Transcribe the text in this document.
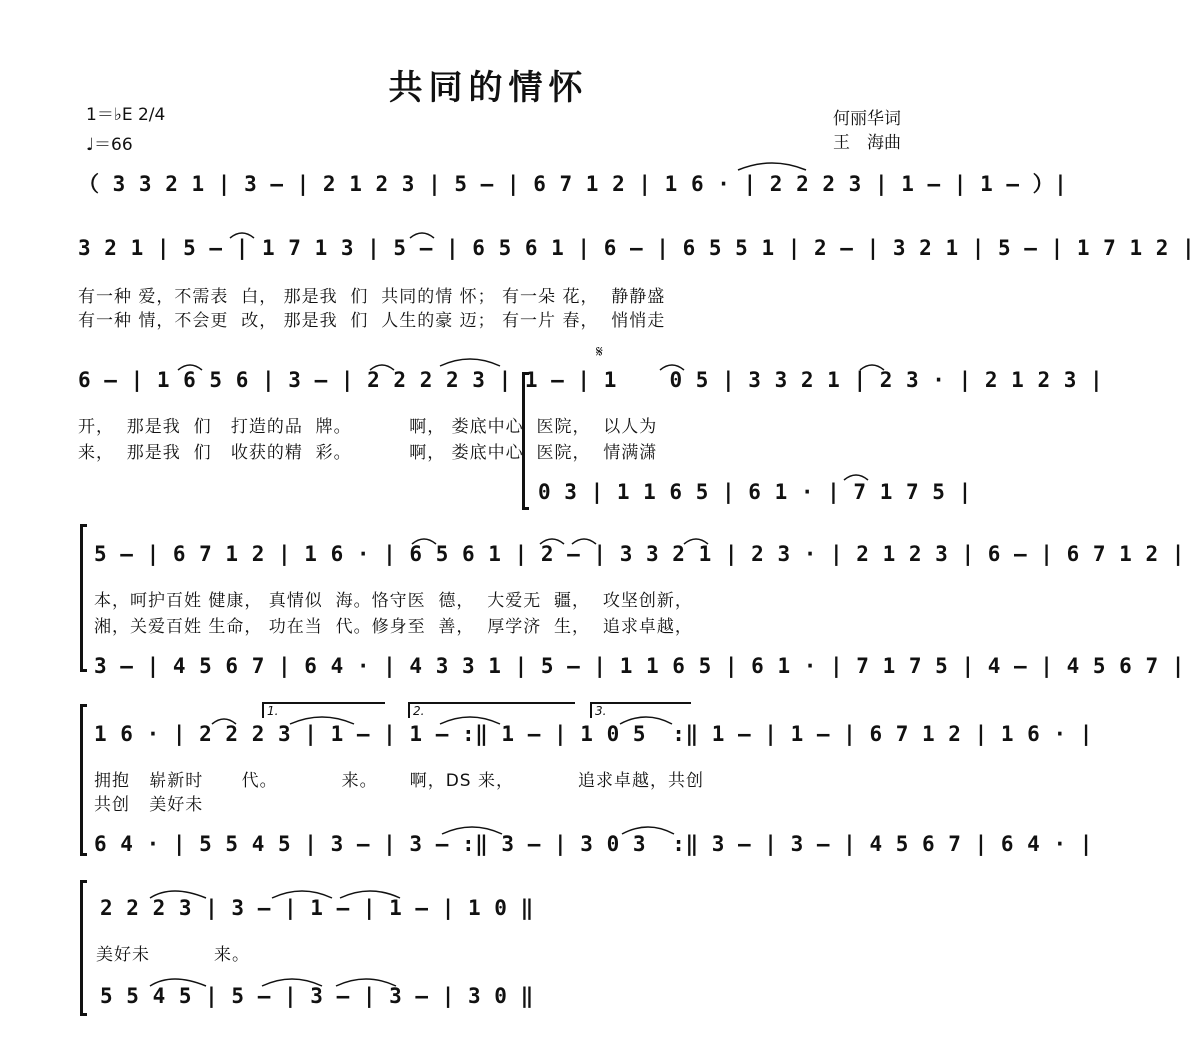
共同的情怀
1＝♭E 2/4
♩＝66
何丽华词
王　海曲
（ 3 3 2 1 | 3 — | 2 1 2 3 | 5 — | 6 7 1 2 | 1 6 · | 2 2 2 3 | 1 — | 1 — ）|
3 2 1 | 5 — | 1 7 1 3 | 5 — | 6 5 6 1 | 6 — | 6 5 5 1 | 2 — | 3 2 1 | 5 — | 1 7 1 2 |
有一种 爱，不需表  白， 那是我  们  共同的情 怀； 有一朵 花，  静静盛
有一种 情，不会更  改， 那是我  们  人生的豪 迈； 有一片 春，  悄悄走
𝄋
6 — | 1 6 5 6 | 3 — | 2 2 2 2 3 | 1 — | 1    0 5 | 3 3 2 1 | 2 3 · | 2 1 2 3 |
开，  那是我  们   打造的品  牌。         啊， 娄底中心  医院，  以人为
来，  那是我  们   收获的精  彩。         啊， 娄底中心  医院，  情满潇
0 3 | 1 1 6 5 | 6 1 · | 7 1 7 5 |
5 — | 6 7 1 2 | 1 6 · | 6 5 6 1 | 2 — | 3 3 2 1 | 2 3 · | 2 1 2 3 | 6 — | 6 7 1 2 |
本，呵护百姓 健康， 真情似  海。恪守医  德，  大爱无  疆，  攻坚创新，
湘，关爱百姓 生命， 功在当  代。修身至  善，  厚学济  生，  追求卓越，
3 — | 4 5 6 7 | 6 4 · | 4 3 3 1 | 5 — | 1 1 6 5 | 6 1 · | 7 1 7 5 | 4 — | 4 5 6 7 |
1.	2.	3.
1 6 · | 2 2 2 3 | 1 — | 1 — :‖ 1 — | 1 0 5  :‖ 1 — | 1 — | 6 7 1 2 | 1 6 · |
拥抱   崭新时      代。          来。     啊，DS 来，          追求卓越，共创
共创   美好未
6 4 · | 5 5 4 5 | 3 — | 3 — :‖ 3 — | 3 0 3  :‖ 3 — | 3 — | 4 5 6 7 | 6 4 · |
2 2 2 3 | 3 — | 1 — | 1 — | 1 0 ‖
美好未          来。
5 5 4 5 | 5 — | 3 — | 3 — | 3 0 ‖
